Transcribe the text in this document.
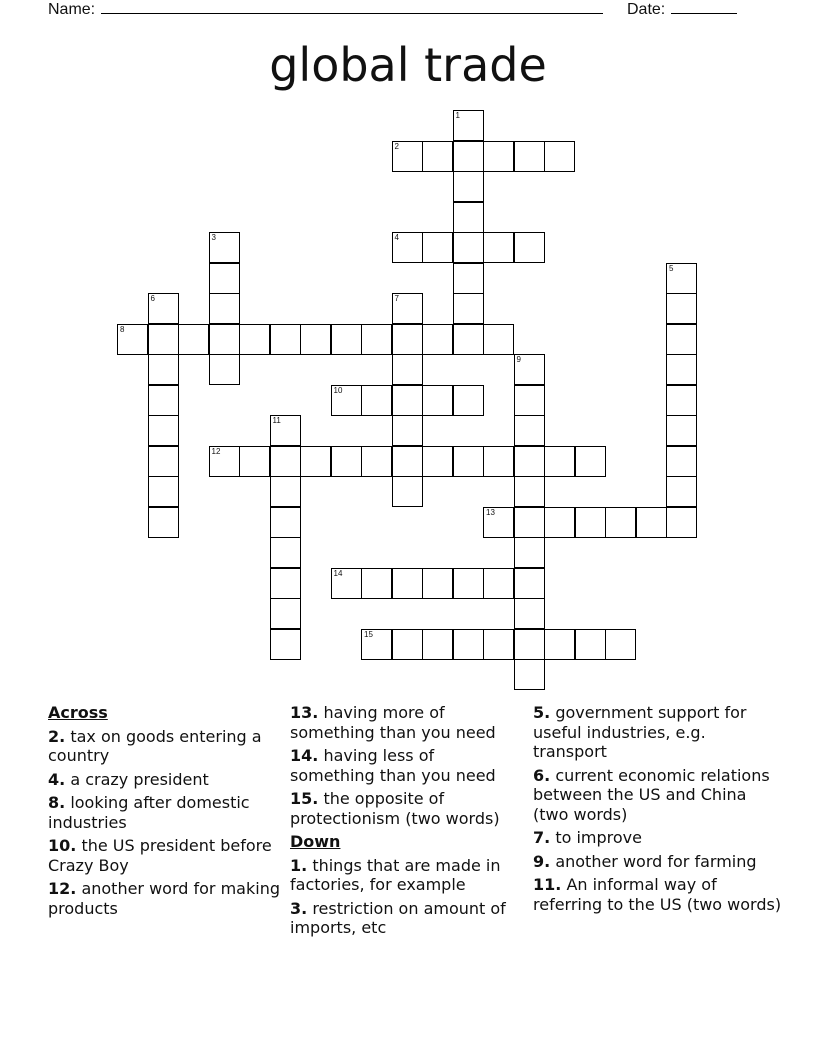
Name:	Date:
global trade
1
2
3	4
5
6	7
8
9
10
11
12
13
14
15
Across
2. tax on goods entering a country
4. a crazy president
8. looking after domestic industries
10. the US president before Crazy Boy
12. another word for making products
13. having more of something than you need
14. having less of something than you need
15. the opposite of protectionism (two words)
Down
1. things that are made in factories, for example
3. restriction on amount of imports, etc
5. government support for useful industries, e.g. transport
6. current economic relations between the US and China (two words)
7. to improve
9. another word for farming
11. An informal way of referring to the US (two words)
